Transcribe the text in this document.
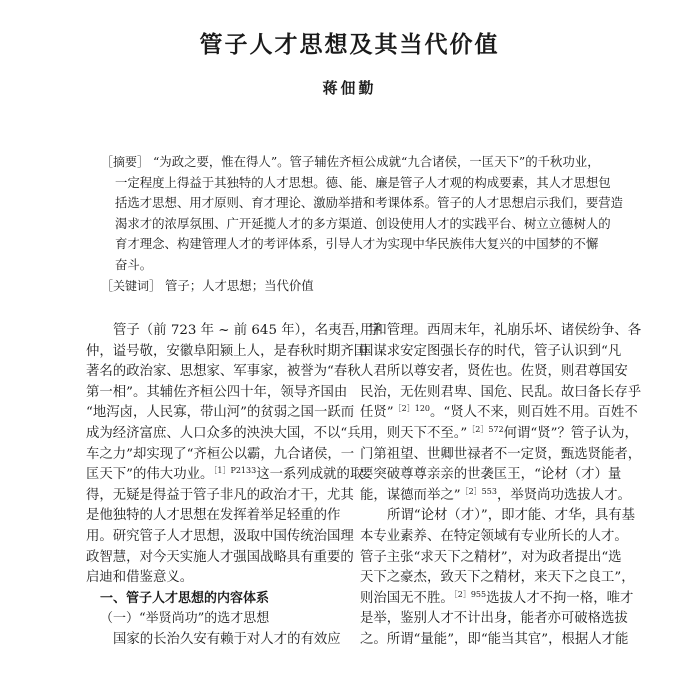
管子人才思想及其当代价值
蒋佃勤
［摘要］ “为政之要，惟在得人”。管子辅佐齐桓公成就“九合诸侯，一匡天下”的千秋功业，
一定程度上得益于其独特的人才思想。德、能、廉是管子人才观的构成要素，其人才思想包
括选才思想、用才原则、育才理论、激励举措和考课体系。管子的人才思想启示我们，要营造
渴求才的浓厚氛围、广开延揽人才的多方渠道、创设使用人才的实践平台、树立立德树人的
育才理念、构建管理人才的考评体系，引导人才为实现中华民族伟大复兴的中国梦的不懈
奋斗。
［关键词］ 管子；人才思想；当代价值
管子（前 723 年 ~ 前 645 年），名夷吾，字
仲，谥号敬，安徽阜阳颍上人，是春秋时期齐国
著名的政治家、思想家、军事家，被誉为“春秋
第一相”。其辅佐齐桓公四十年，领导齐国由
“地泻卤，人民寡，带山河”的贫弱之国一跃而
成为经济富庶、人口众多的泱泱大国，不以“兵
车之力”却实现了“齐桓公以霸，九合诸侯，一
匡天下”的伟大功业。$^{[1]P2133}$这一系列成就的取
得，无疑是得益于管子非凡的政治才干，尤其
是他独特的人才思想在发挥着举足轻重的作
用。研究管子人才思想，汲取中国传统治国理
政智慧，对今天实施人才强国战略具有重要的
启迪和借鉴意义。
一、管子人才思想的内容体系
（一）“举贤尚功”的选才思想
国家的长治久安有赖于对人才的有效应
用和管理。西周末年，礼崩乐坏、诸侯纷争、各
国谋求安定图强长存的时代，管子认识到“凡
人君所以尊安者，贤佐也。佐贤，则君尊国安
民治，无佐则君卑、国危、民乱。故曰备长存乎
任贤”$^{[2]120}$。“贤人不来，则百姓不用。百姓不
用，则天下不至。”$^{[2]572}$何谓“贤”？管子认为，
门第祖望、世卿世禄者不一定贤，甄选贤能者，
要突破尊尊亲亲的世袭匡王，“论材（才）量
能，谋德而举之”$^{[2]553}$，举贤尚功选拔人才。
所谓“论材（才）”，即才能、才华，具有基
本专业素养、在特定领域有专业所长的人才。
管子主张“求天下之精材”，对为政者提出“选
天下之豪杰，致天下之精材，来天下之良工”，
则治国无不胜。$^{[2]955}$选拔人才不拘一格，唯才
是举，鉴别人才不计出身，能者亦可破格选拔
之。所谓“量能”，即“能当其官”，根据人才能
